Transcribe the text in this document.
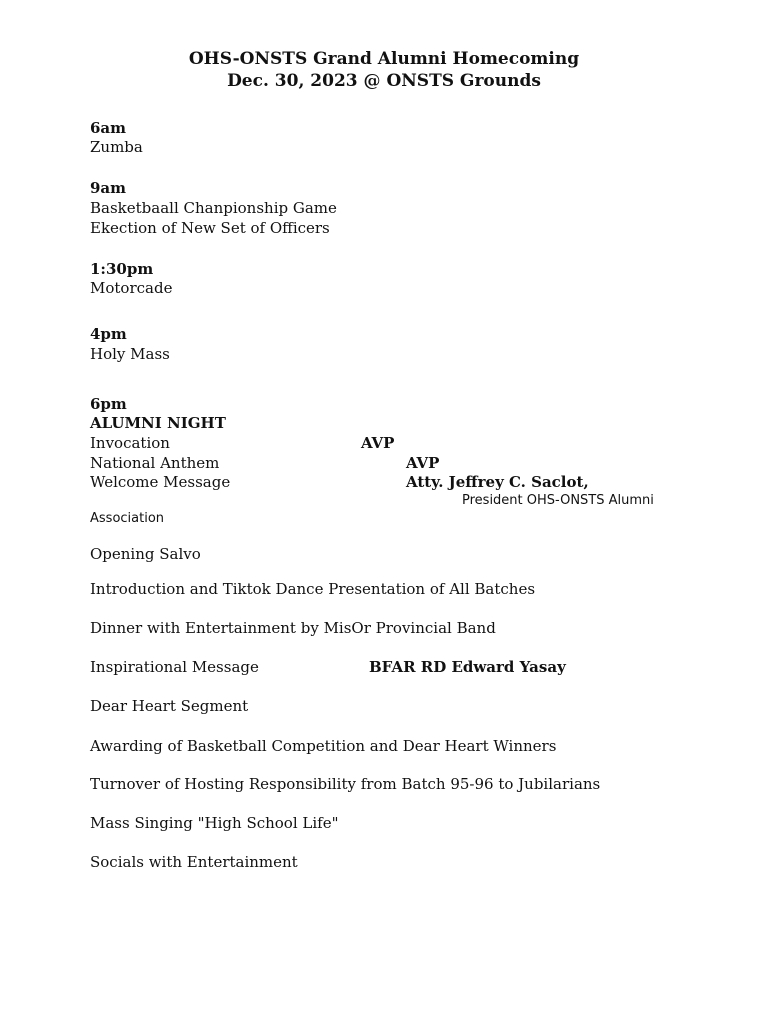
OHS-ONSTS Grand Alumni Homecoming
Dec. 30, 2023 @ ONSTS Grounds
6am
Zumba
9am
Basketbaall Chanpionship Game
Ekection of New Set of Officers
1:30pm
Motorcade
4pm
Holy Mass
6pm
ALUMNI NIGHT
Invocation	AVP
National Anthem	AVP
Welcome Message	Atty. Jeffrey C. Saclot,
President OHS-ONSTS Alumni
Association
Opening Salvo
Introduction and Tiktok Dance Presentation of All Batches
Dinner with Entertainment by MisOr Provincial Band
Inspirational Message	BFAR RD Edward Yasay
Dear Heart Segment
Awarding of Basketball Competition and Dear Heart Winners
Turnover of Hosting Responsibility from Batch 95-96 to Jubilarians
Mass Singing "High School Life"
Socials with Entertainment
